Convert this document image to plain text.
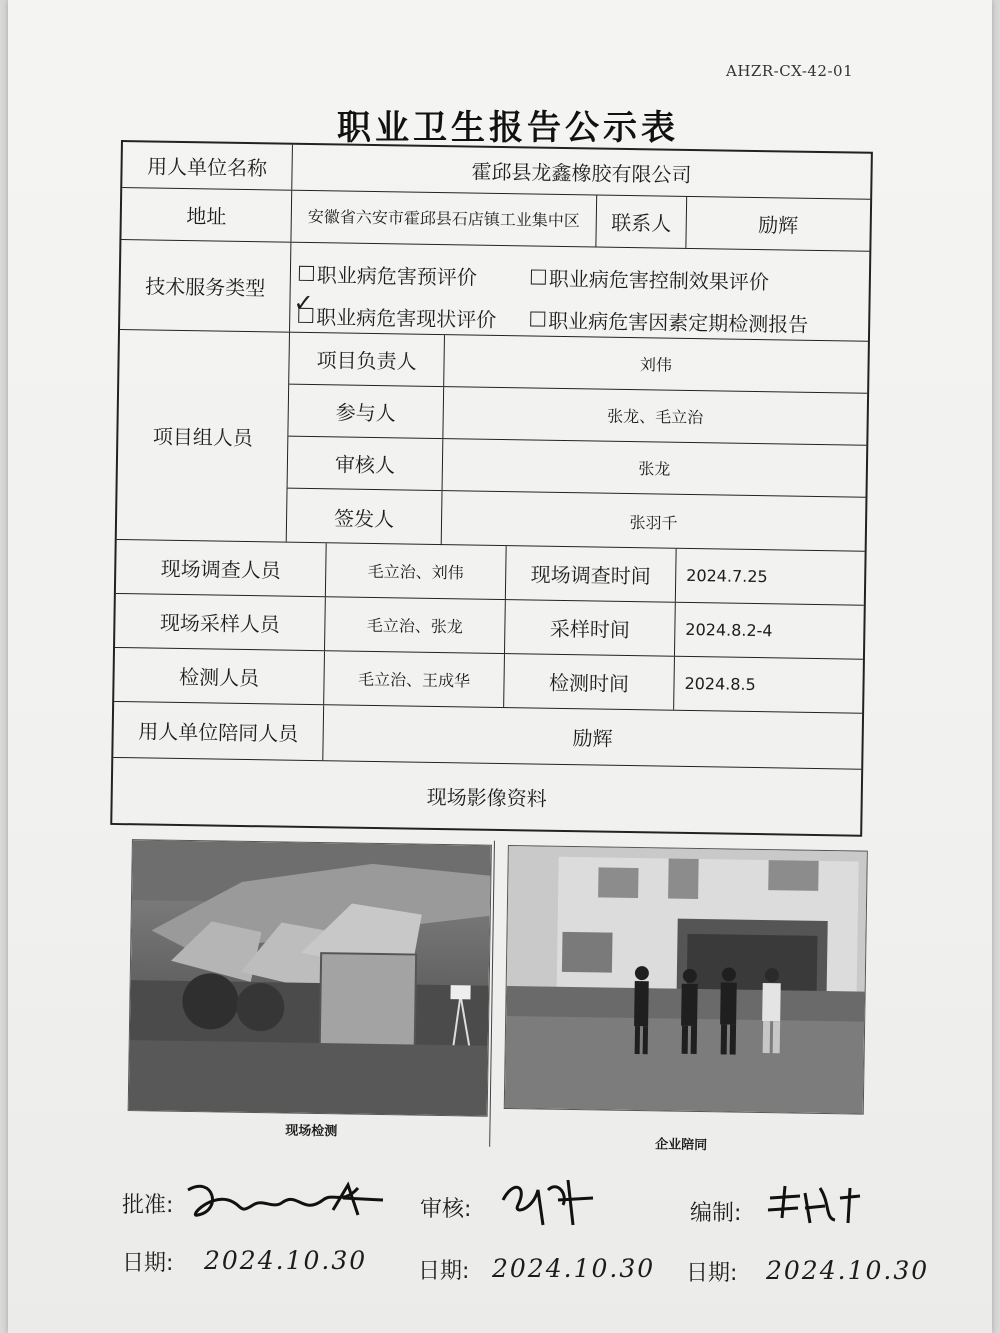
AHZR-CX-42-01
职业卫生报告公示表
用人单位名称	霍邱县龙鑫橡胶有限公司
地址	安徽省六安市霍邱县石店镇工业集中区	联系人	励辉
技术服务类型	职业病危害预评价	职业病危害控制效果评价
✓
职业病危害现状评价	职业病危害因素定期检测报告
项目组人员
项目负责人	刘伟
参与人	张龙、毛立治
审核人	张龙
签发人	张羽千
现场调查人员	毛立治、刘伟	现场调查时间	2024.7.25
现场采样人员	毛立治、张龙	采样时间	2024.8.2-4
检测人员	毛立治、王成华	检测时间	2024.8.5
用人单位陪同人员	励辉
现场影像资料
现场检测
企业陪同
批准:	审核:	编制:
日期: 2024.10.30 日期: 2024.10.30 日期: 2024.10.30
